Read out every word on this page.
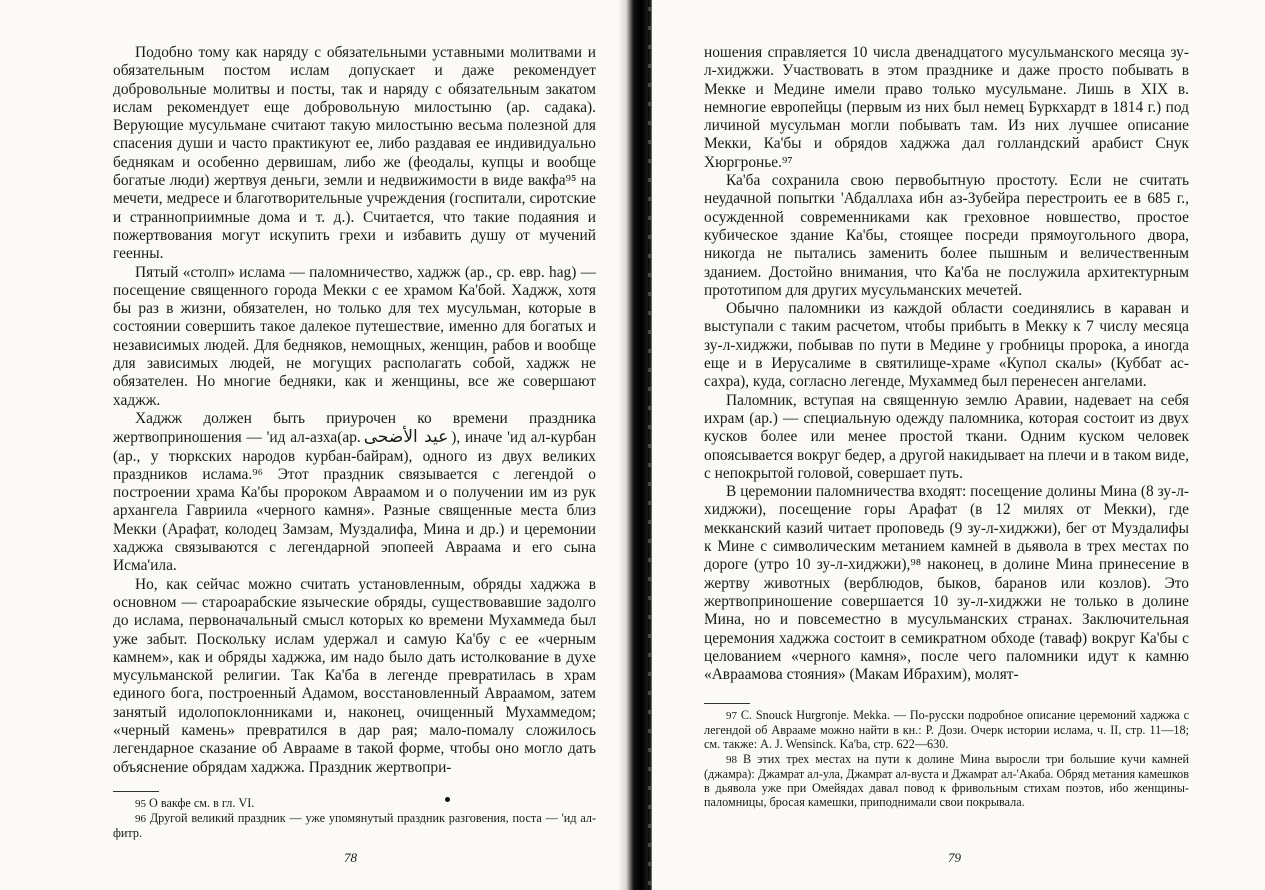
Подобно тому как наряду с обязательными уставными молитвами и обязательным постом ислам допускает и даже рекомендует добровольные молитвы и посты, так и наряду с обязательным закатом ислам рекомендует еще добровольную милостыню (ар. садака). Верующие мусульмане считают такую милостыню весьма полезной для спасения души и часто практикуют ее, либо раздавая ее индивидуально беднякам и особенно дервишам, либо же (феодалы, купцы и вообще богатые люди) жертвуя деньги, земли и недвижимости в виде вакфа⁹⁵ на мечети, медресе и благотворительные учреждения (госпитали, сиротские и странноприимные дома и т. д.). Считается, что такие подаяния и пожертвования могут искупить грехи и избавить душу от мучений геенны.

Пятый «столп» ислама — паломничество, хаджж (ар., ср. евр. hag) — посещение священного города Мекки с ее храмом Ка'бой. Хаджж, хотя бы раз в жизни, обязателен, но только для тех мусульман, которые в состоянии совершить такое далекое путешествие, именно для богатых и независимых людей. Для бедняков, немощных, женщин, рабов и вообще для зависимых людей, не могущих располагать собой, хаджж не обязателен. Но многие бедняки, как и женщины, все же совершают хаджж.

Хаджж должен быть приурочен ко времени праздника жертвоприношения — 'ид ал-азха(ар. عيد الأضحى ), иначе 'ид ал-курбан (ар., у тюркских народов курбан-байрам), одного из двух великих праздников ислама.⁹⁶ Этот праздник связывается с легендой о построении храма Ка'бы пророком Авраамом и о получении им из рук архангела Гавриила «черного камня». Разные священные места близ Мекки (Арафат, колодец Замзам, Муздалифа, Мина и др.) и церемонии хаджжа связываются с легендарной эпопеей Авраама и его сына Исма'ила.

Но, как сейчас можно считать установленным, обряды хаджжа в основном — староарабские языческие обряды, существовавшие задолго до ислама, первоначальный смысл которых ко времени Мухаммеда был уже забыт. Поскольку ислам удержал и самую Ка'бу с ее «черным камнем», как и обряды хаджжа, им надо было дать истолкование в духе мусульманской религии. Так Ка'ба в легенде превратилась в храм единого бога, построенный Адамом, восстановленный Авраамом, затем занятый идолопоклонниками и, наконец, очищенный Мухаммедом; «черный камень» превратился в дар рая; мало-помалу сложилось легендарное сказание об Аврааме в такой форме, чтобы оно могло дать объяснение обрядам хаджжа. Праздник жертвопри-

95 О вакфе см. в гл. VI.

96 Другой великий праздник — уже упомянутый праздник разговения, поста — 'ид ал-фитр.

78

ношения справляется 10 числа двенадцатого мусульманского месяца зу-л-хиджжи. Участвовать в этом празднике и даже просто побывать в Мекке и Медине имели право только мусульмане. Лишь в XIX в. немногие европейцы (первым из них был немец Буркхардт в 1814 г.) под личиной мусульман могли побывать там. Из них лучшее описание Мекки, Ка'бы и обрядов хаджжа дал голландский арабист Снук Хюргронье.⁹⁷

Ка'ба сохранила свою первобытную простоту. Если не считать неудачной попытки 'Абдаллаха ибн аз-Зубейра перестроить ее в 685 г., осужденной современниками как греховное новшество, простое кубическое здание Ка'бы, стоящее посреди прямоугольного двора, никогда не пытались заменить более пышным и величественным зданием. Достойно внимания, что Ка'ба не послужила архитектурным прототипом для других мусульманских мечетей.

Обычно паломники из каждой области соединялись в караван и выступали с таким расчетом, чтобы прибыть в Мекку к 7 числу месяца зу-л-хиджжи, побывав по пути в Медине у гробницы пророка, а иногда еще и в Иерусалиме в святилище-храме «Купол скалы» (Куббат ас-сахра), куда, согласно легенде, Мухаммед был перенесен ангелами.

Паломник, вступая на священную землю Аравии, надевает на себя ихрам (ар.) — специальную одежду паломника, которая состоит из двух кусков более или менее простой ткани. Одним куском человек опоясывается вокруг бедер, а другой накидывает на плечи и в таком виде, с непокрытой головой, совершает путь.

В церемонии паломничества входят: посещение долины Мина (8 зу-л-хиджжи), посещение горы Арафат (в 12 милях от Мекки), где мекканский казий читает проповедь (9 зу-л-хиджжи), бег от Муздалифы к Мине с символическим метанием камней в дьявола в трех местах по дороге (утро 10 зу-л-хиджжи),⁹⁸ наконец, в долине Мина принесение в жертву животных (верблюдов, быков, баранов или козлов). Это жертвоприношение совершается 10 зу-л-хиджжи не только в долине Мина, но и повсеместно в мусульманских странах. Заключительная церемония хаджжа состоит в семикратном обходе (таваф) вокруг Ка'бы с целованием «черного камня», после чего паломники идут к камню «Авраамова стояния» (Макам Ибрахим), молят-

97 C. Snouck Hurgronje. Mekka. — По-русски подробное описание церемоний хаджжа с легендой об Аврааме можно найти в кн.: Р. Дози. Очерк истории ислама, ч. II, стр. 11—18; см. также: A. J. Wensinck. Ka'ba, стр. 622—630.

98 В этих трех местах на пути к долине Мина выросли три большие кучи камней (джамра): Джамрат ал-ула, Джамрат ал-вуста и Джамрат ал-'Акаба. Обряд метания камешков в дьявола уже при Омейядах давал повод к фривольным стихам поэтов, ибо женщины-паломницы, бросая камешки, приподнимали свои покрывала.

79
